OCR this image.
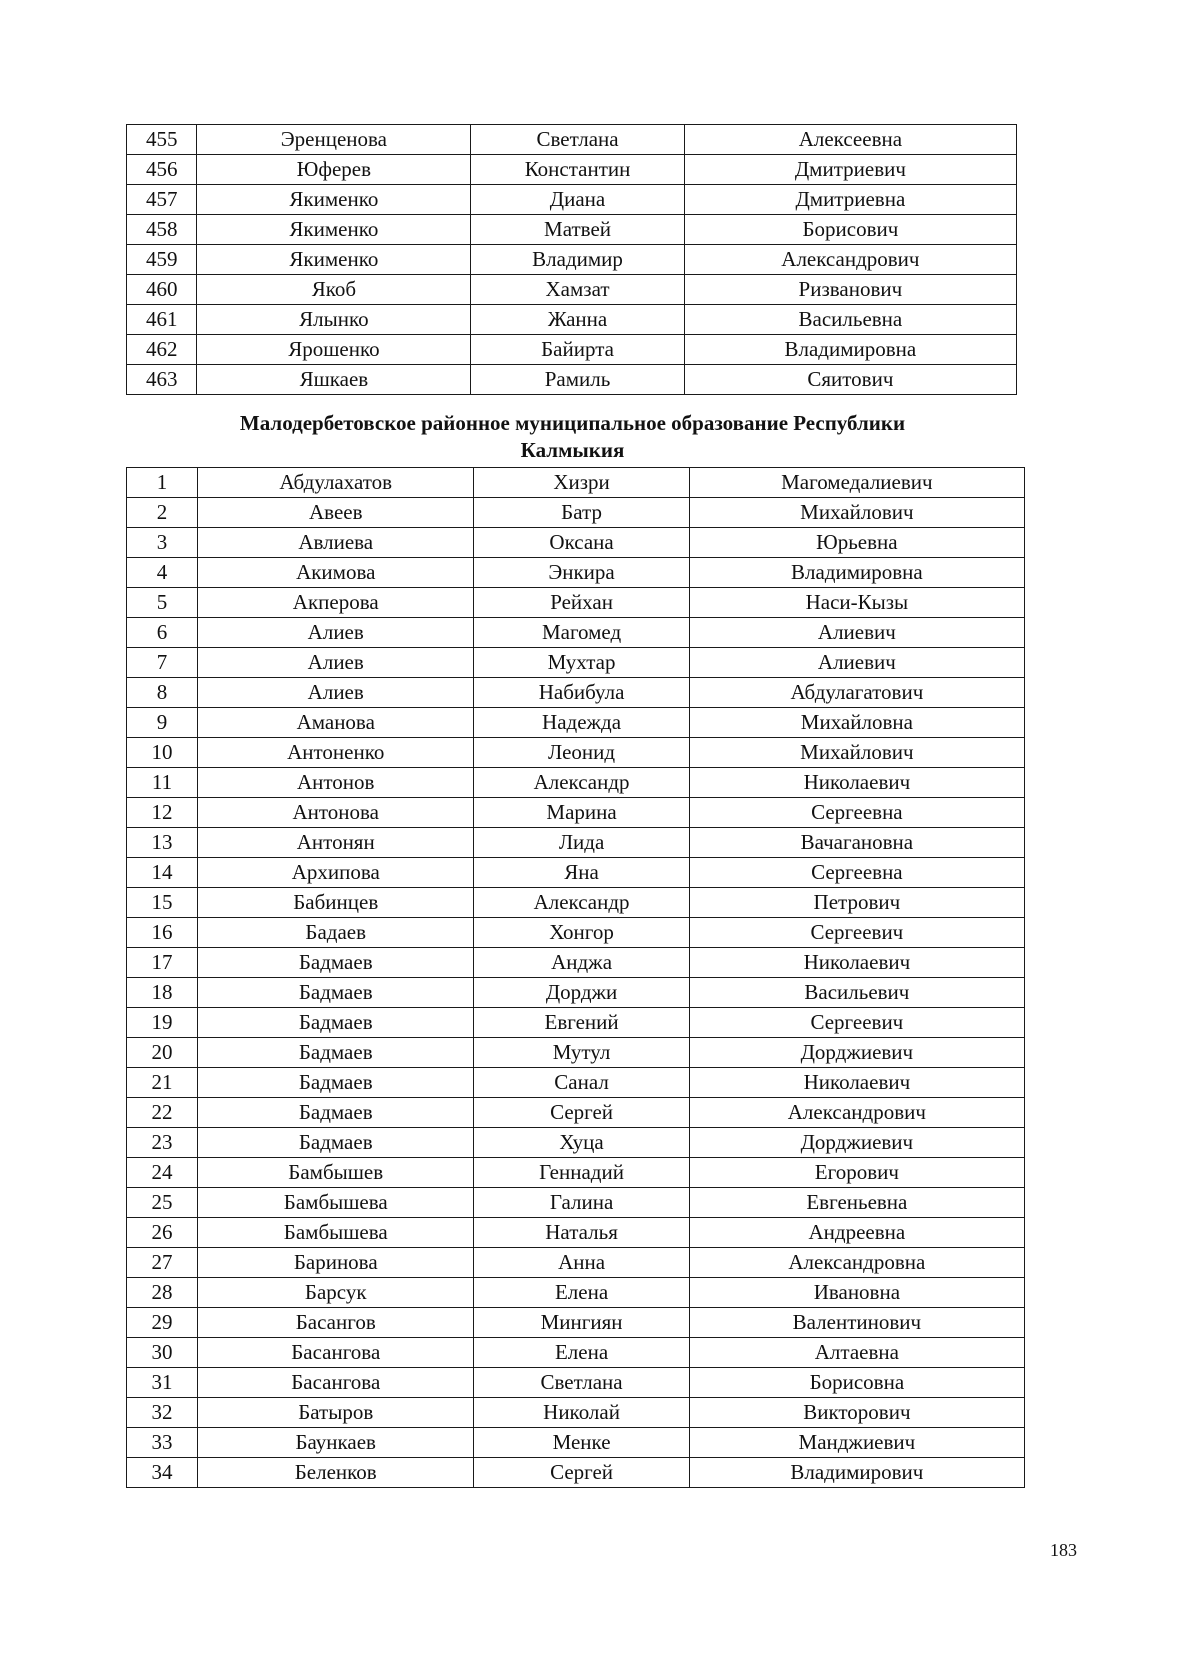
455	Эренценова	Светлана	Алексеевна
456	Юферев	Константин	Дмитриевич
457	Якименко	Диана	Дмитриевна
458	Якименко	Матвей	Борисович
459	Якименко	Владимир	Александрович
460	Якоб	Хамзат	Ризванович
461	Ялынко	Жанна	Васильевна
462	Ярошенко	Байирта	Владимировна
463	Яшкаев	Рамиль	Сяитович
Малодербетовское районное муниципальное образование Республики
Калмыкия
1	Абдулахатов	Хизри	Магомедалиевич
2	Авеев	Батр	Михайлович
3	Авлиева	Оксана	Юрьевна
4	Акимова	Энкира	Владимировна
5	Акперова	Рейхан	Наси-Кызы
6	Алиев	Магомед	Алиевич
7	Алиев	Мухтар	Алиевич
8	Алиев	Набибула	Абдулагатович
9	Аманова	Надежда	Михайловна
10	Антоненко	Леонид	Михайлович
11	Антонов	Александр	Николаевич
12	Антонова	Марина	Сергеевна
13	Антонян	Лида	Вачагановна
14	Архипова	Яна	Сергеевна
15	Бабинцев	Александр	Петрович
16	Бадаев	Хонгор	Сергеевич
17	Бадмаев	Анджа	Николаевич
18	Бадмаев	Дорджи	Васильевич
19	Бадмаев	Евгений	Сергеевич
20	Бадмаев	Мутул	Дорджиевич
21	Бадмаев	Санал	Николаевич
22	Бадмаев	Сергей	Александрович
23	Бадмаев	Хуца	Дорджиевич
24	Бамбышев	Геннадий	Егорович
25	Бамбышева	Галина	Евгеньевна
26	Бамбышева	Наталья	Андреевна
27	Баринова	Анна	Александровна
28	Барсук	Елена	Ивановна
29	Басангов	Мингиян	Валентинович
30	Басангова	Елена	Алтаевна
31	Басангова	Светлана	Борисовна
32	Батыров	Николай	Викторович
33	Баункаев	Менке	Манджиевич
34	Беленков	Сергей	Владимирович
183
